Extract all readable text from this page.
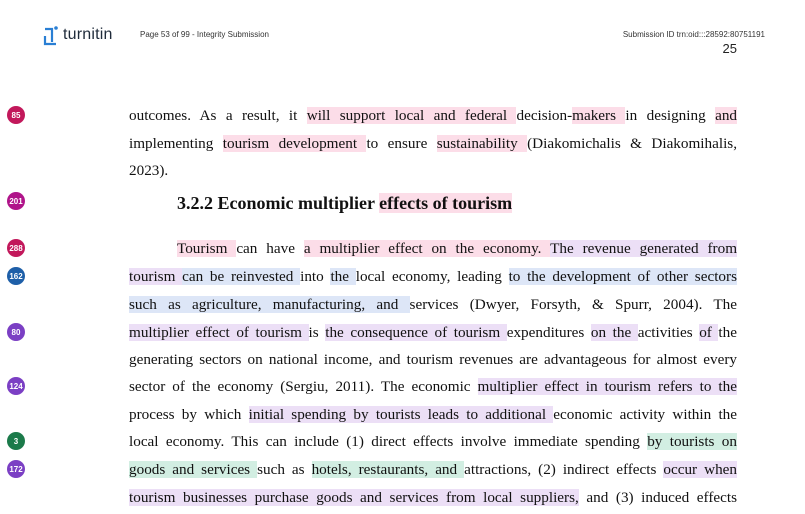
turnitin	Page 53 of 99 - Integrity Submission	Submission ID trn:oid:::28592:80751191
25
85
201
288
162
80
124
3
172
outcomes. As a result, it will support local and federal decision-makers in designing and
implementing tourism development to ensure sustainability (Diakomichalis & Diakomihalis,
2023).
3.2.2 Economic multiplier effects of tourism
Tourism can have a multiplier effect on the economy. The revenue generated from
tourism can be reinvested into the local economy, leading to the development of other sectors
such as agriculture, manufacturing, and services (Dwyer, Forsyth, & Spurr, 2004). The
multiplier effect of tourism is the consequence of tourism expenditures on the activities of the
generating sectors on national income, and tourism revenues are advantageous for almost every
sector of the economy (Sergiu, 2011). The economic multiplier effect in tourism refers to the
process by which initial spending by tourists leads to additional economic activity within the
local economy. This can include (1) direct effects involve immediate spending by tourists on
goods and services such as hotels, restaurants, and attractions, (2) indirect effects occur when
tourism businesses purchase goods and services from local suppliers, and (3) induced effects
